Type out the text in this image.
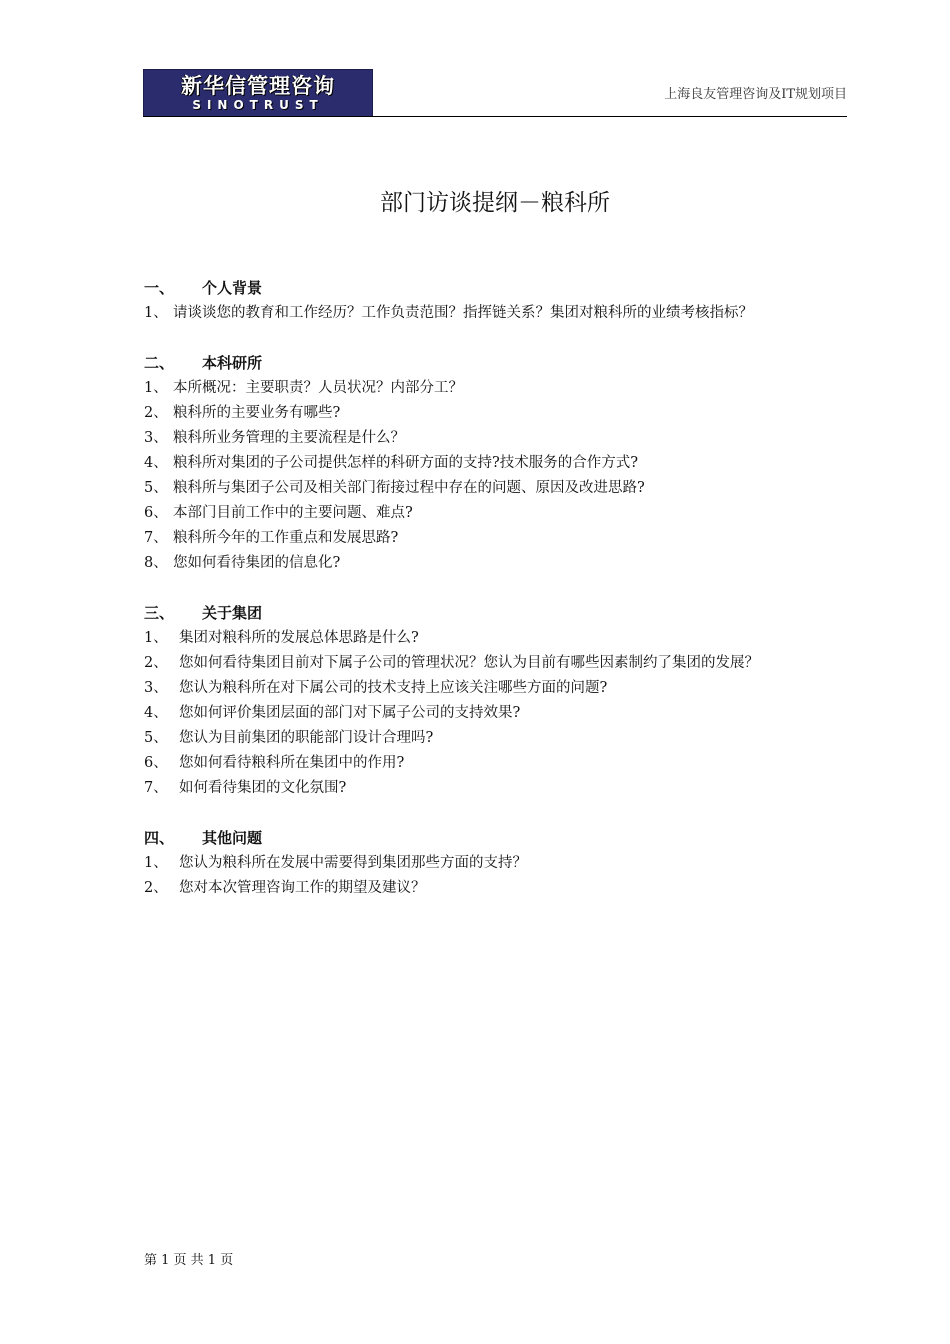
新华信管理咨询
SINOTRUST
上海良友管理咨询及IT规划项目
部门访谈提纲－粮科所
一、	个人背景
1、 请谈谈您的教育和工作经历？工作负责范围？指挥链关系？集团对粮科所的业绩考核指标？
二、	本科研所
1、 本所概况：主要职责？人员状况？内部分工？
2、 粮科所的主要业务有哪些?
3、 粮科所业务管理的主要流程是什么？
4、 粮科所对集团的子公司提供怎样的科研方面的支持?技术服务的合作方式?
5、 粮科所与集团子公司及相关部门衔接过程中存在的问题、原因及改进思路?
6、 本部门目前工作中的主要问题、难点?
7、 粮科所今年的工作重点和发展思路?
8、 您如何看待集团的信息化?
三、	关于集团
1、 集团对粮科所的发展总体思路是什么?
2、 您如何看待集团目前对下属子公司的管理状况？您认为目前有哪些因素制约了集团的发展？
3、 您认为粮科所在对下属公司的技术支持上应该关注哪些方面的问题?
4、 您如何评价集团层面的部门对下属子公司的支持效果?
5、 您认为目前集团的职能部门设计合理吗?
6、 您如何看待粮科所在集团中的作用?
7、 如何看待集团的文化氛围?
四、	其他问题
1、 您认为粮科所在发展中需要得到集团那些方面的支持？
2、 您对本次管理咨询工作的期望及建议？
第 1 页 共 1 页
